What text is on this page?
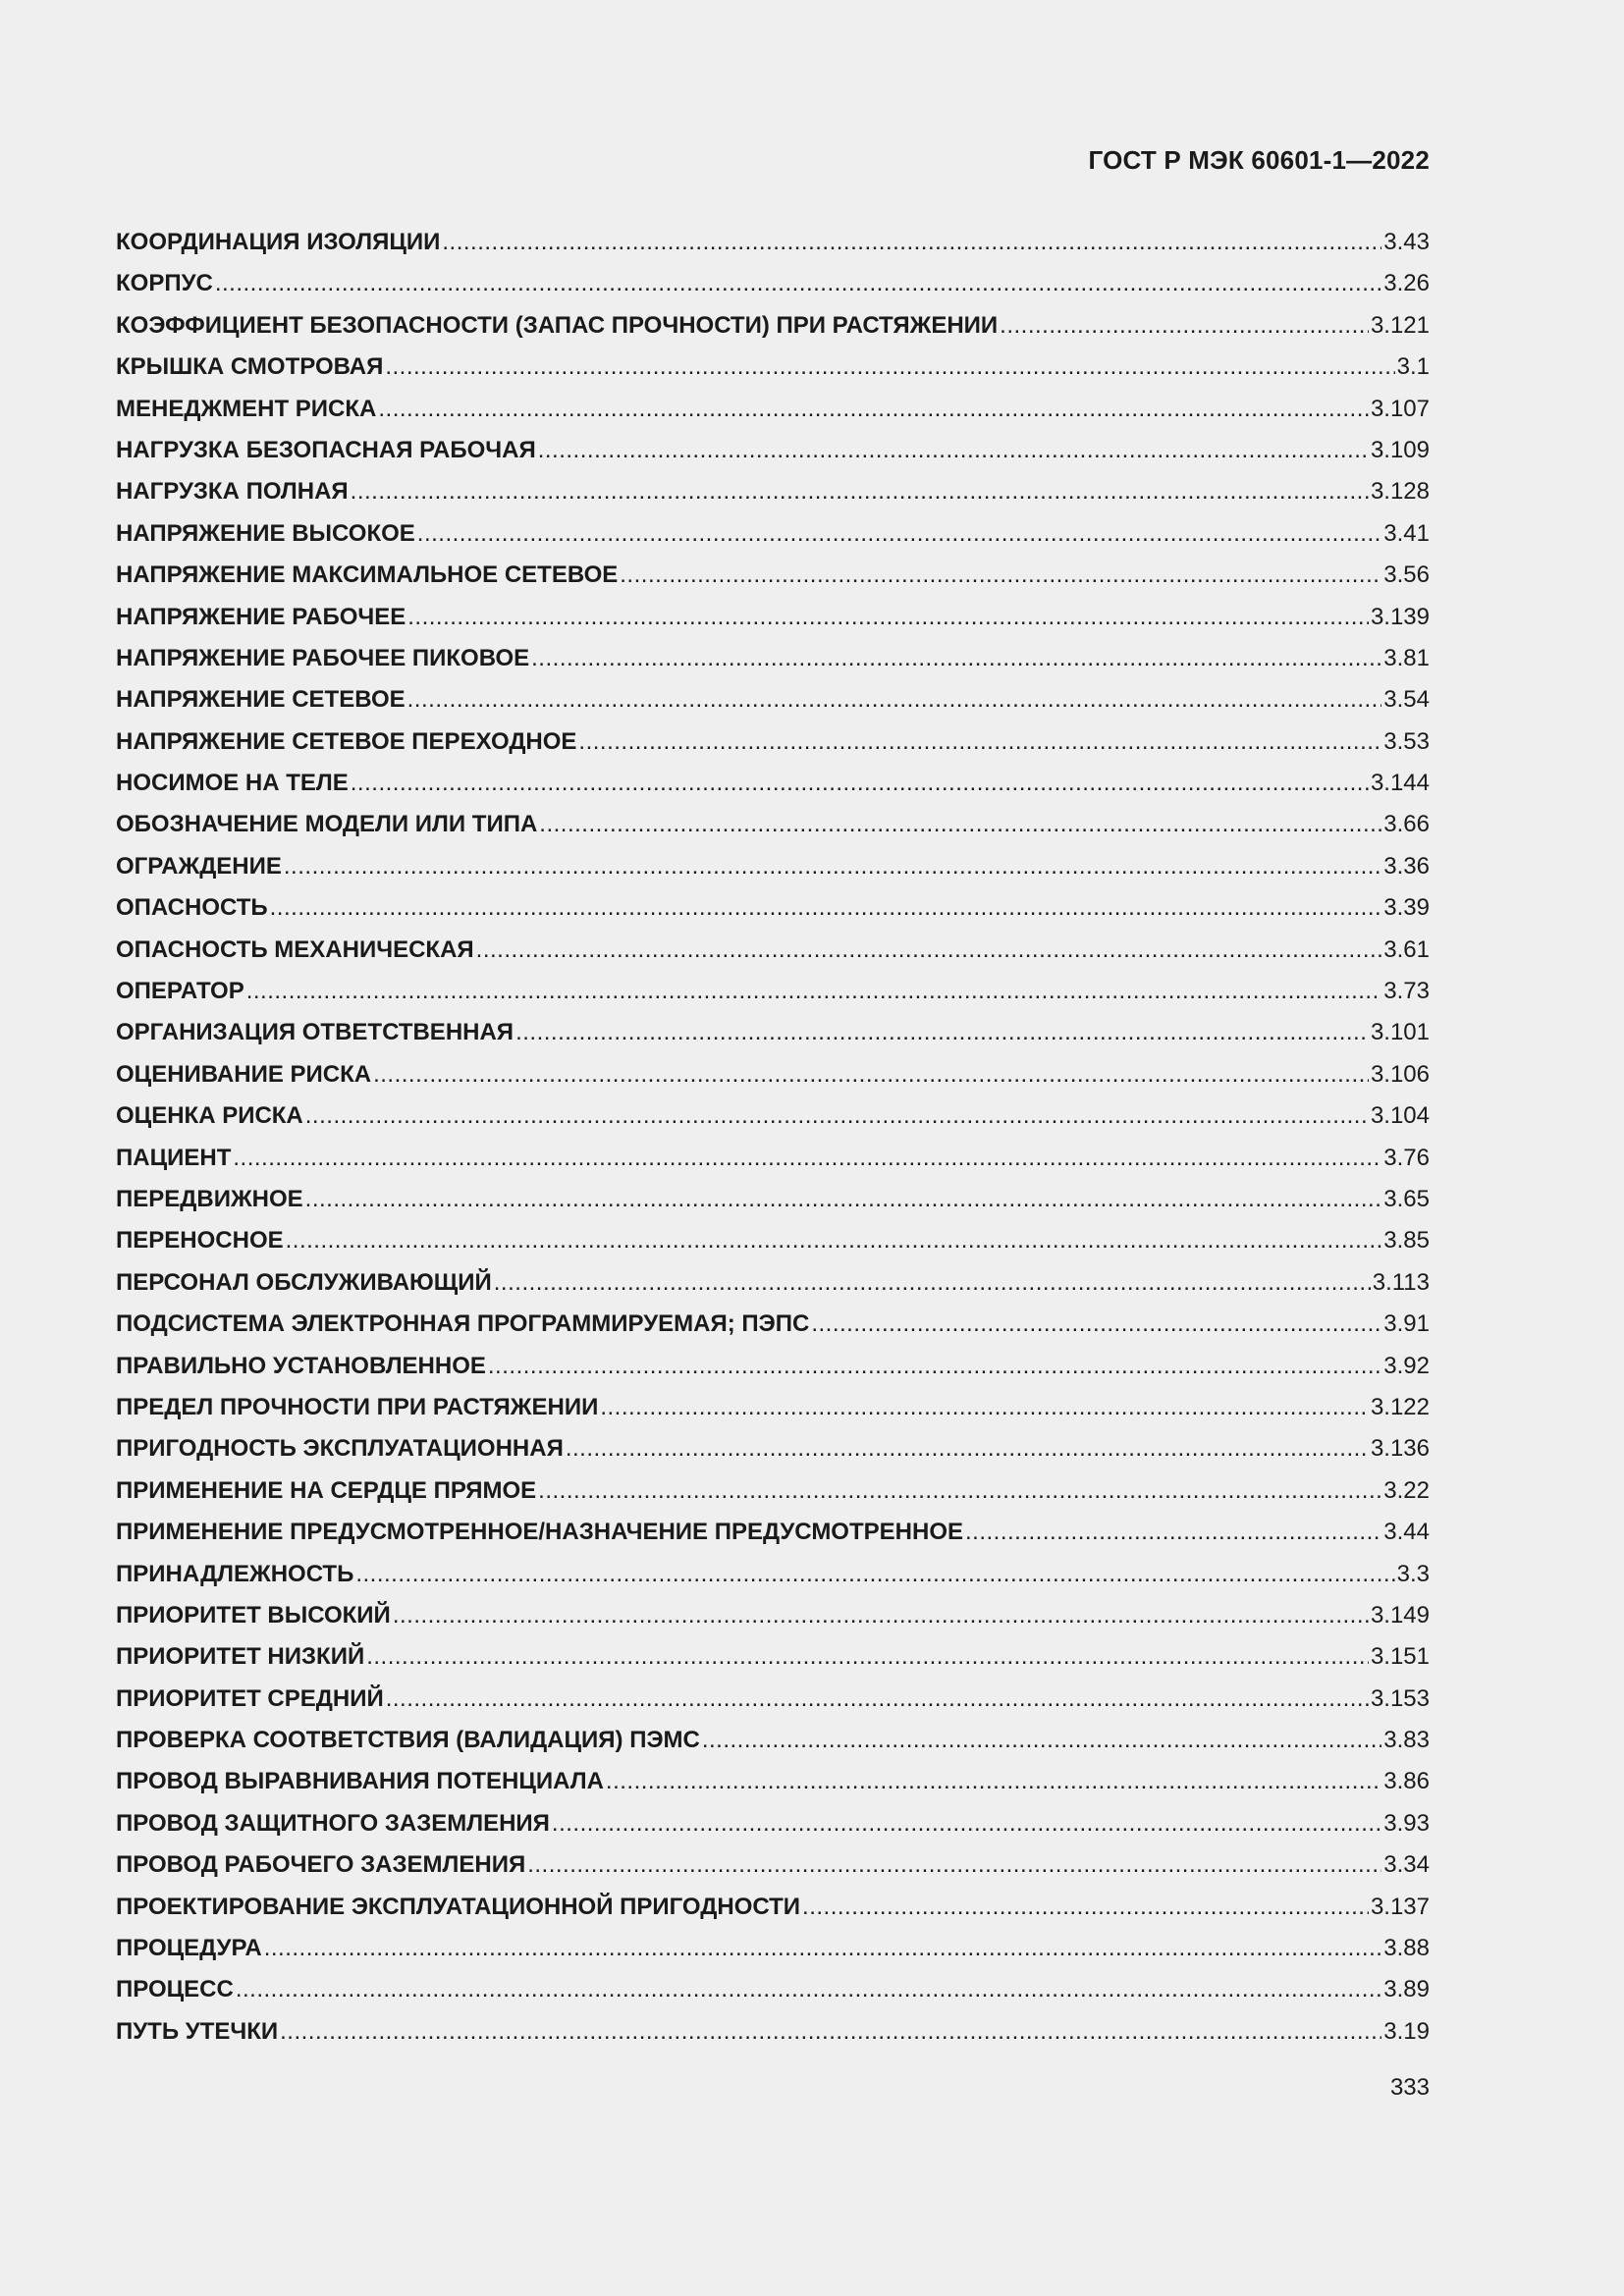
ГОСТ Р МЭК 60601-1—2022
КООРДИНАЦИЯ ИЗОЛЯЦИИ .....	3.43
КОРПУС .....	3.26
КОЭФФИЦИЕНТ БЕЗОПАСНОСТИ (ЗАПАС ПРОЧНОСТИ) ПРИ РАСТЯЖЕНИИ .....	3.121
КРЫШКА СМОТРОВАЯ .....	3.1
МЕНЕДЖМЕНТ РИСКА .....	3.107
НАГРУЗКА БЕЗОПАСНАЯ РАБОЧАЯ .....	3.109
НАГРУЗКА ПОЛНАЯ .....	3.128
НАПРЯЖЕНИЕ ВЫСОКОЕ .....	3.41
НАПРЯЖЕНИЕ МАКСИМАЛЬНОЕ СЕТЕВОЕ .....	3.56
НАПРЯЖЕНИЕ РАБОЧЕЕ .....	3.139
НАПРЯЖЕНИЕ РАБОЧЕЕ ПИКОВОЕ .....	3.81
НАПРЯЖЕНИЕ СЕТЕВОЕ .....	3.54
НАПРЯЖЕНИЕ СЕТЕВОЕ ПЕРЕХОДНОЕ .....	3.53
НОСИМОЕ НА ТЕЛЕ .....	3.144
ОБОЗНАЧЕНИЕ МОДЕЛИ ИЛИ ТИПА .....	3.66
ОГРАЖДЕНИЕ .....	3.36
ОПАСНОСТЬ .....	3.39
ОПАСНОСТЬ МЕХАНИЧЕСКАЯ .....	3.61
ОПЕРАТОР .....	3.73
ОРГАНИЗАЦИЯ ОТВЕТСТВЕННАЯ .....	3.101
ОЦЕНИВАНИЕ РИСКА .....	3.106
ОЦЕНКА РИСКА .....	3.104
ПАЦИЕНТ .....	3.76
ПЕРЕДВИЖНОЕ .....	3.65
ПЕРЕНОСНОЕ .....	3.85
ПЕРСОНАЛ ОБСЛУЖИВАЮЩИЙ .....	3.113
ПОДСИСТЕМА ЭЛЕКТРОННАЯ ПРОГРАММИРУЕМАЯ; ПЭПС .....	3.91
ПРАВИЛЬНО УСТАНОВЛЕННОЕ .....	3.92
ПРЕДЕЛ ПРОЧНОСТИ ПРИ РАСТЯЖЕНИИ .....	3.122
ПРИГОДНОСТЬ ЭКСПЛУАТАЦИОННАЯ .....	3.136
ПРИМЕНЕНИЕ НА СЕРДЦЕ ПРЯМОЕ .....	3.22
ПРИМЕНЕНИЕ ПРЕДУСМОТРЕННОЕ/НАЗНАЧЕНИЕ ПРЕДУСМОТРЕННОЕ .....	3.44
ПРИНАДЛЕЖНОСТЬ .....	3.3
ПРИОРИТЕТ ВЫСОКИЙ .....	3.149
ПРИОРИТЕТ НИЗКИЙ .....	3.151
ПРИОРИТЕТ СРЕДНИЙ .....	3.153
ПРОВЕРКА СООТВЕТСТВИЯ (ВАЛИДАЦИЯ) ПЭМС .....	3.83
ПРОВОД ВЫРАВНИВАНИЯ ПОТЕНЦИАЛА .....	3.86
ПРОВОД ЗАЩИТНОГО ЗАЗЕМЛЕНИЯ .....	3.93
ПРОВОД РАБОЧЕГО ЗАЗЕМЛЕНИЯ .....	3.34
ПРОЕКТИРОВАНИЕ ЭКСПЛУАТАЦИОННОЙ ПРИГОДНОСТИ .....	3.137
ПРОЦЕДУРА .....	3.88
ПРОЦЕСС .....	3.89
ПУТЬ УТЕЧКИ .....	3.19
333
